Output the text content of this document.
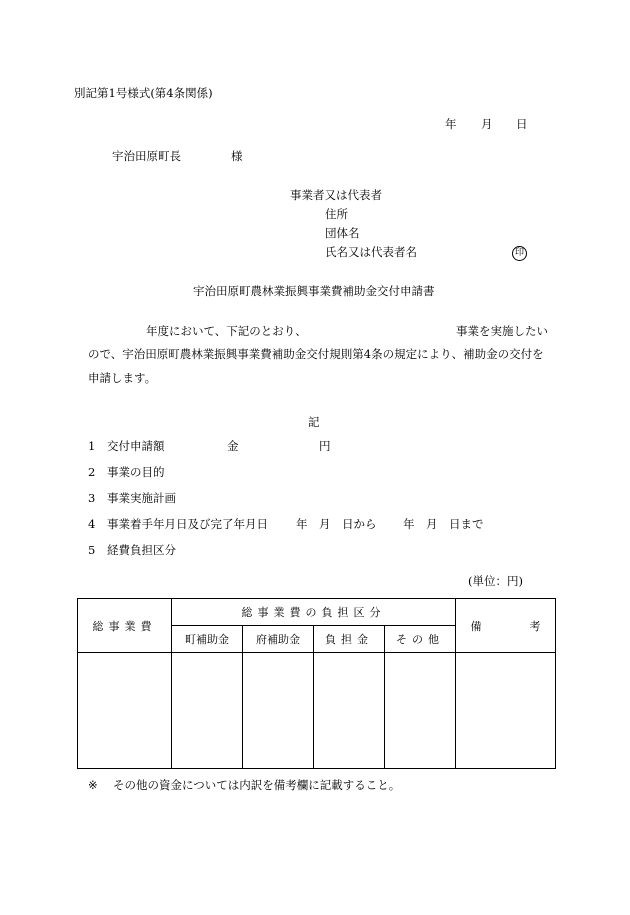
別記第1号様式(第4条関係)
年 月 日
宇治田原町長	様
事業者又は代表者
住所
団体名
氏名又は代表者名	印
宇治田原町農林業振興事業費補助金交付申請書
年度において、下記のとおり、	事業を実施したい
ので、宇治田原町農林業振興事業費補助金交付規則第4条の規定により、補助金の交付を
申請します。
記
1 交付申請額	金	円
2 事業の目的
3 事業実施計画
4 事業着手年月日及び完了年月日 年　月　日から 年　月　日まで
5 経費負担区分
(単位：円)
総事業費	総事業費の負担区分				備 考
	町補助金	府補助金	負担金	その他	

※ その他の資金については内訳を備考欄に記載すること。
